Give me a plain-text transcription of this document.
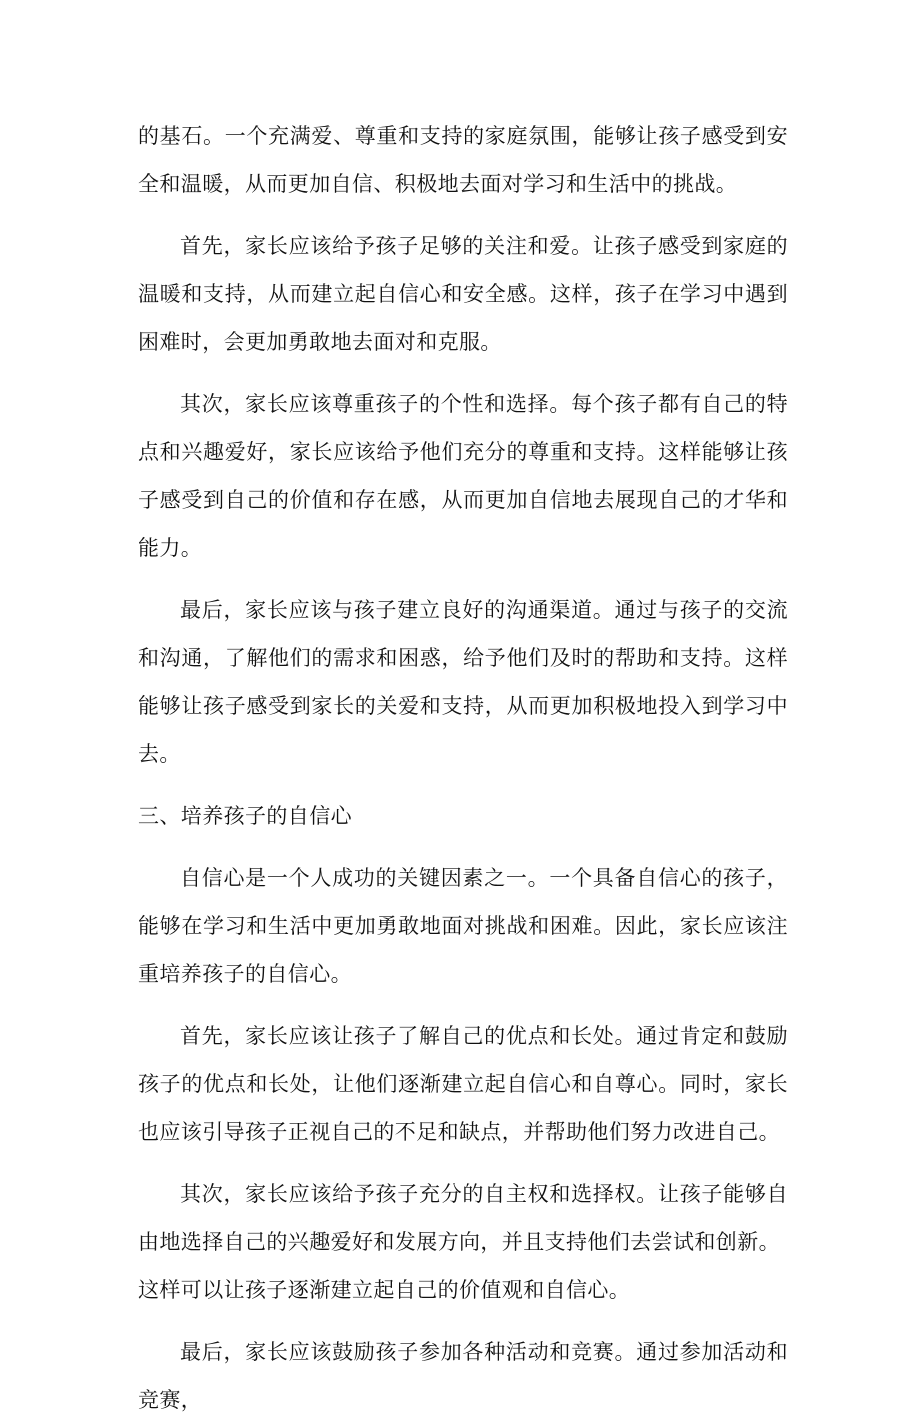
的基石。一个充满爱、尊重和支持的家庭氛围，能够让孩子感受到安全和温暖，从而更加自信、积极地去面对学习和生活中的挑战。

首先，家长应该给予孩子足够的关注和爱。让孩子感受到家庭的温暖和支持，从而建立起自信心和安全感。这样，孩子在学习中遇到困难时，会更加勇敢地去面对和克服。

其次，家长应该尊重孩子的个性和选择。每个孩子都有自己的特点和兴趣爱好，家长应该给予他们充分的尊重和支持。这样能够让孩子感受到自己的价值和存在感，从而更加自信地去展现自己的才华和能力。

最后，家长应该与孩子建立良好的沟通渠道。通过与孩子的交流和沟通，了解他们的需求和困惑，给予他们及时的帮助和支持。这样能够让孩子感受到家长的关爱和支持，从而更加积极地投入到学习中去。

三、培养孩子的自信心

自信心是一个人成功的关键因素之一。一个具备自信心的孩子，能够在学习和生活中更加勇敢地面对挑战和困难。因此，家长应该注重培养孩子的自信心。

首先，家长应该让孩子了解自己的优点和长处。通过肯定和鼓励孩子的优点和长处，让他们逐渐建立起自信心和自尊心。同时，家长也应该引导孩子正视自己的不足和缺点，并帮助他们努力改进自己。

其次，家长应该给予孩子充分的自主权和选择权。让孩子能够自由地选择自己的兴趣爱好和发展方向，并且支持他们去尝试和创新。

这样可以让孩子逐渐建立起自己的价值观和自信心。

最后，家长应该鼓励孩子参加各种活动和竞赛。通过参加活动和竞赛，
